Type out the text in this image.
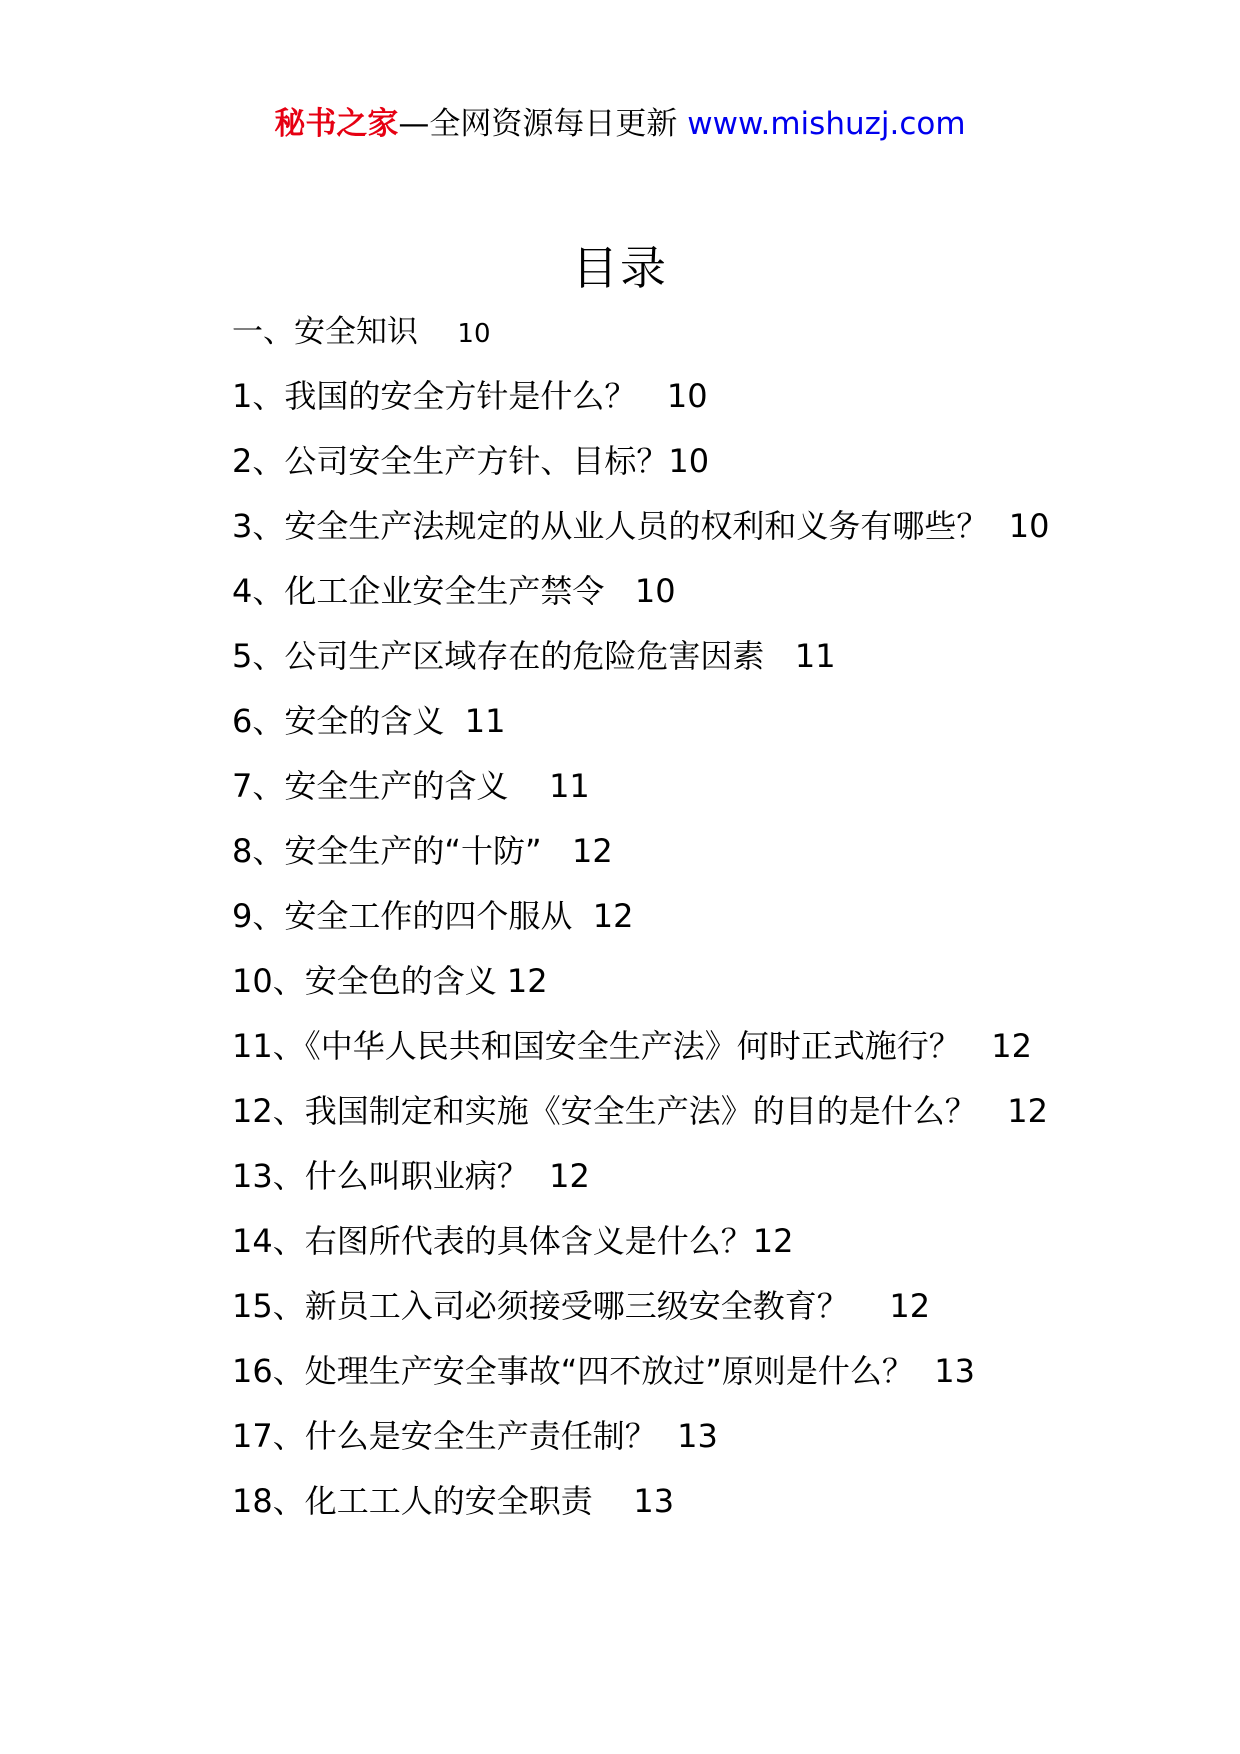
秘书之家—全网资源每日更新 www.mishuzj.com
目录
一、安全知识 10
1、我国的安全方针是什么？ 10
2、公司安全生产方针、目标？10
3、安全生产法规定的从业人员的权利和义务有哪些？ 10
4、化工企业安全生产禁令 10
5、公司生产区域存在的危险危害因素 11
6、安全的含义 11
7、安全生产的含义 11
8、安全生产的“十防” 12
9、安全工作的四个服从 12
10、安全色的含义 12
11、《中华人民共和国安全生产法》何时正式施行？ 12
12、我国制定和实施《安全生产法》的目的是什么？ 12
13、什么叫职业病？ 12
14、右图所代表的具体含义是什么？12
15、新员工入司必须接受哪三级安全教育？ 12
16、处理生产安全事故“四不放过”原则是什么？ 13
17、什么是安全生产责任制？ 13
18、化工工人的安全职责 13
